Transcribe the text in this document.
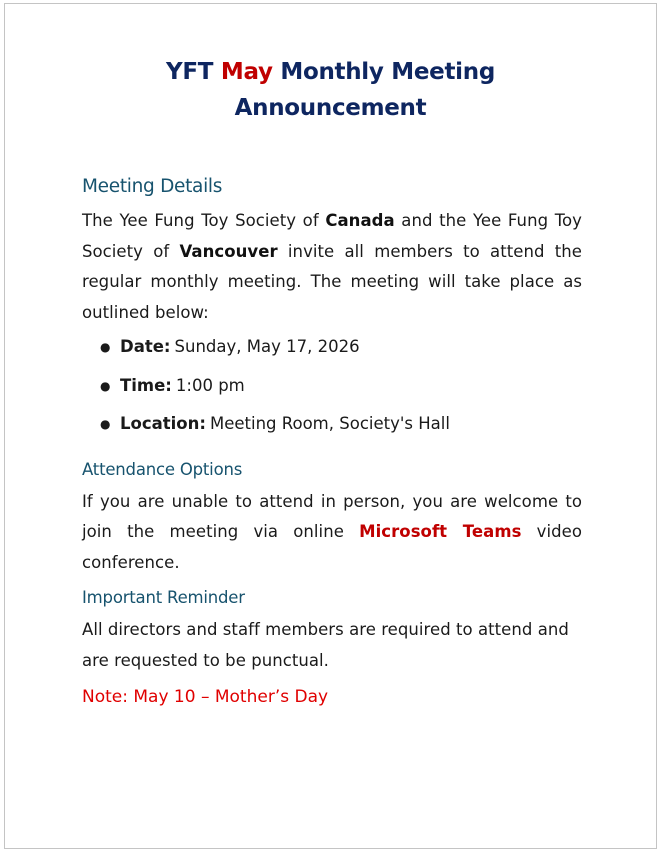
YFT May Monthly Meeting
Announcement
Meeting Details

The Yee Fung Toy Society of Canada and the Yee Fung Toy Society of Vancouver invite all members to attend the regular monthly meeting. The meeting will take place as outlined below:

● Date: Sunday, May 17, 2026
● Time: 1:00 pm
● Location: Meeting Room, Society's Hall
Attendance Options

If you are unable to attend in person, you are welcome to join the meeting via online Microsoft Teams video conference.

Important Reminder

All directors and staff members are required to attend and are requested to be punctual.

Note: May 10 – Mother’s Day
